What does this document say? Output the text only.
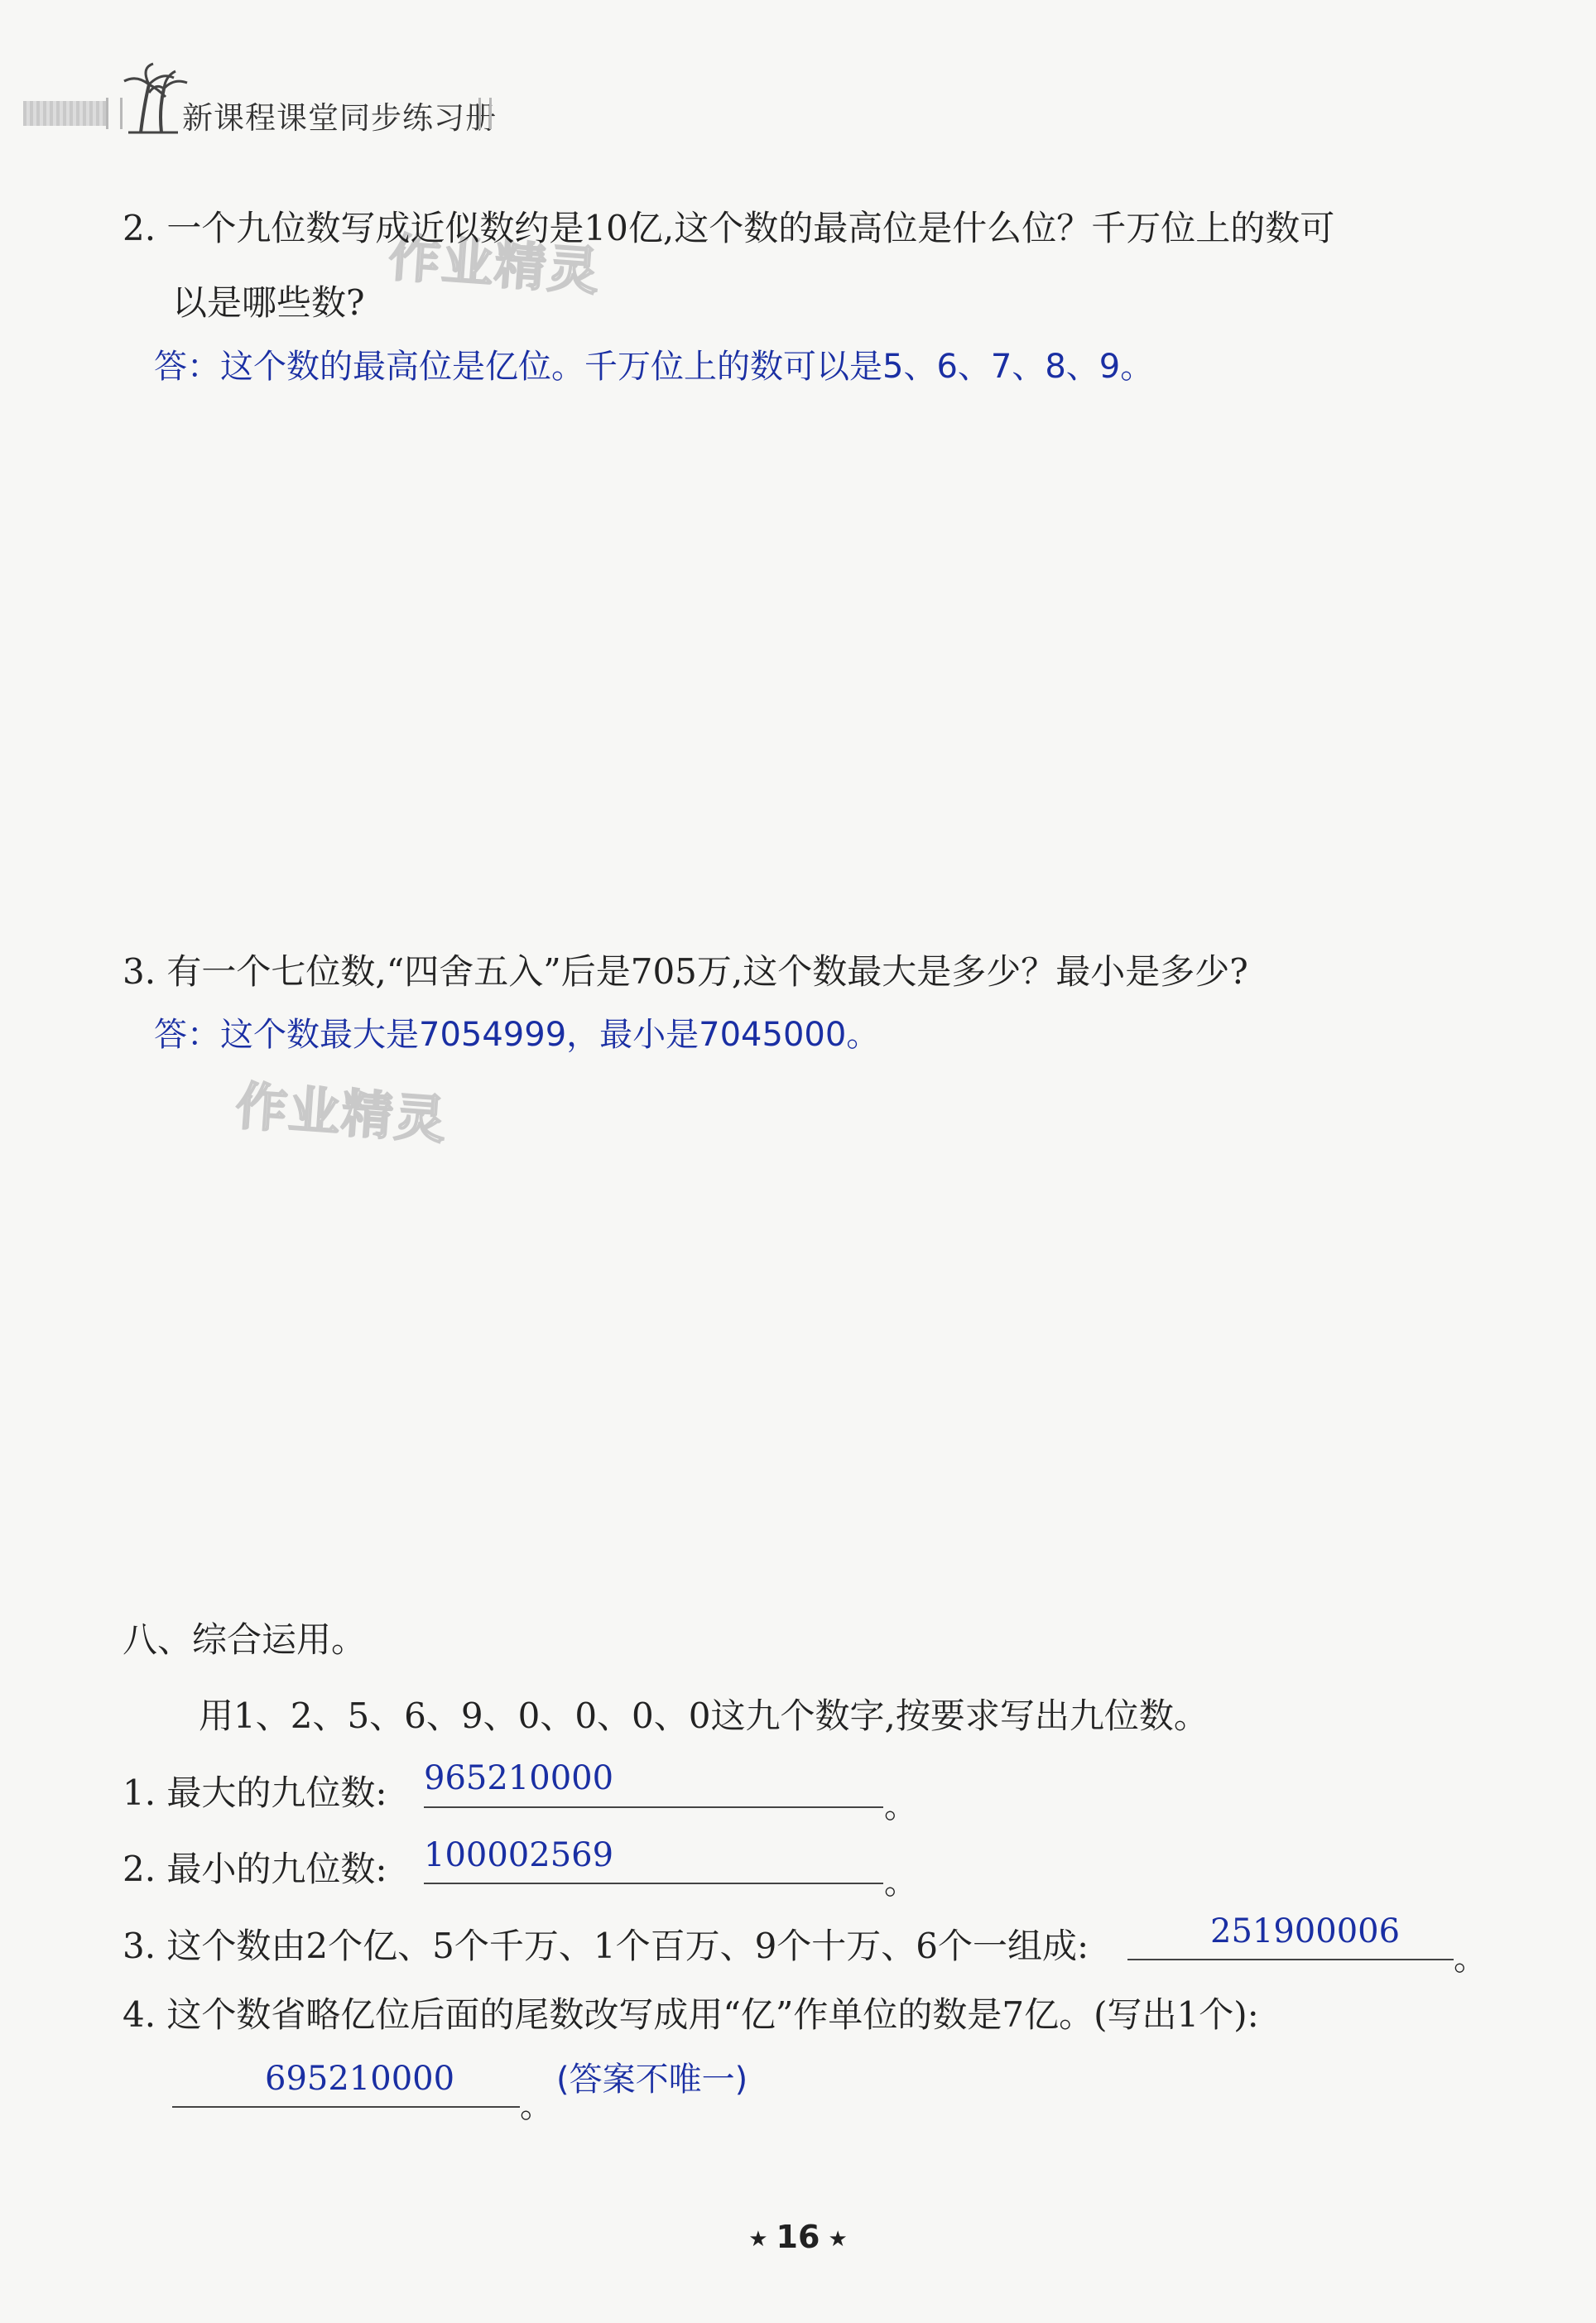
新课程课堂同步练习册
作业精灵
作业精灵
2. 一个九位数写成近似数约是10亿,这个数的最高位是什么位？千万位上的数可
以是哪些数?
答：这个数的最高位是亿位。千万位上的数可以是5、6、7、8、9。
3. 有一个七位数,“四舍五入”后是705万,这个数最大是多少？最小是多少?
答：这个数最大是7054999，最小是7045000。
八、综合运用。
用1、2、5、6、9、0、0、0、0这九个数字,按要求写出九位数。
1. 最大的九位数: 965210000
。
2. 最小的九位数: 100002569
。
3. 这个数由2个亿、5个千万、1个百万、9个十万、6个一组成:	251900006
。
4. 这个数省略亿位后面的尾数改写成用“亿”作单位的数是7亿。(写出1个):
695210000
。
(答案不唯一)
★ 16 ★
